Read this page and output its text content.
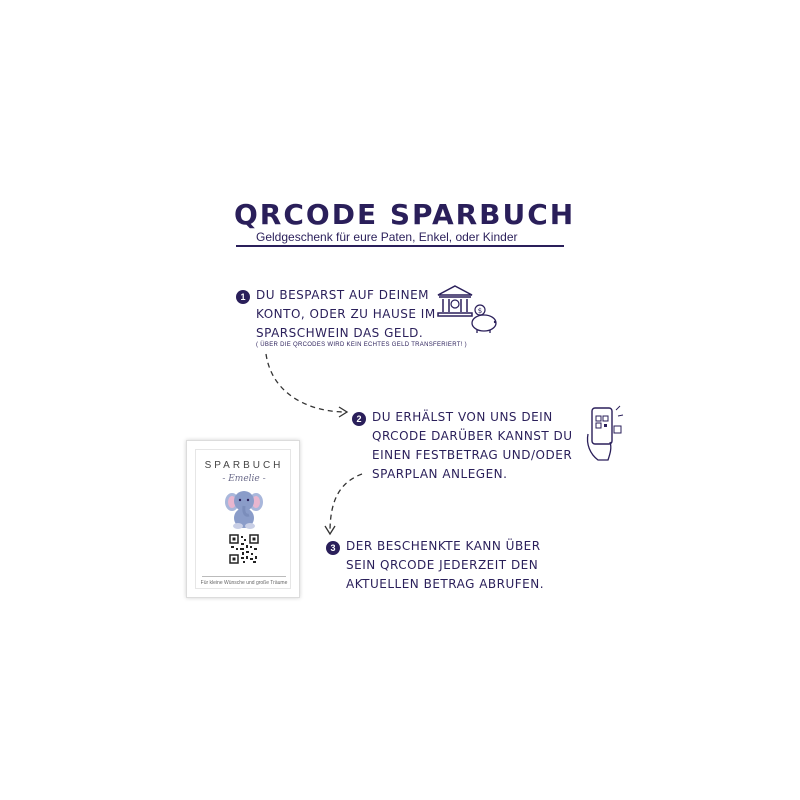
QRCODE SPARBUCH
Geldgeschenk für eure Paten, Enkel, oder Kinder
1 DU BESPARST AUF DEINEM
KONTO, ODER ZU HAUSE IM
SPARSCHWEIN DAS GELD.
( ÜBER DIE QRCODES WIRD KEIN ECHTES GELD TRANSFERIERT! )
$
2 DU ERHÄLST VON UNS DEIN
QRCODE DARÜBER KANNST DU
EINEN FESTBETRAG UND/ODER
SPARPLAN ANLEGEN.
3 DER BESCHENKTE KANN ÜBER
SEIN QRCODE JEDERZEIT DEN
AKTUELLEN BETRAG ABRUFEN.
SPARBUCH
- Emelie -
Für kleine Wünsche und große Träume
